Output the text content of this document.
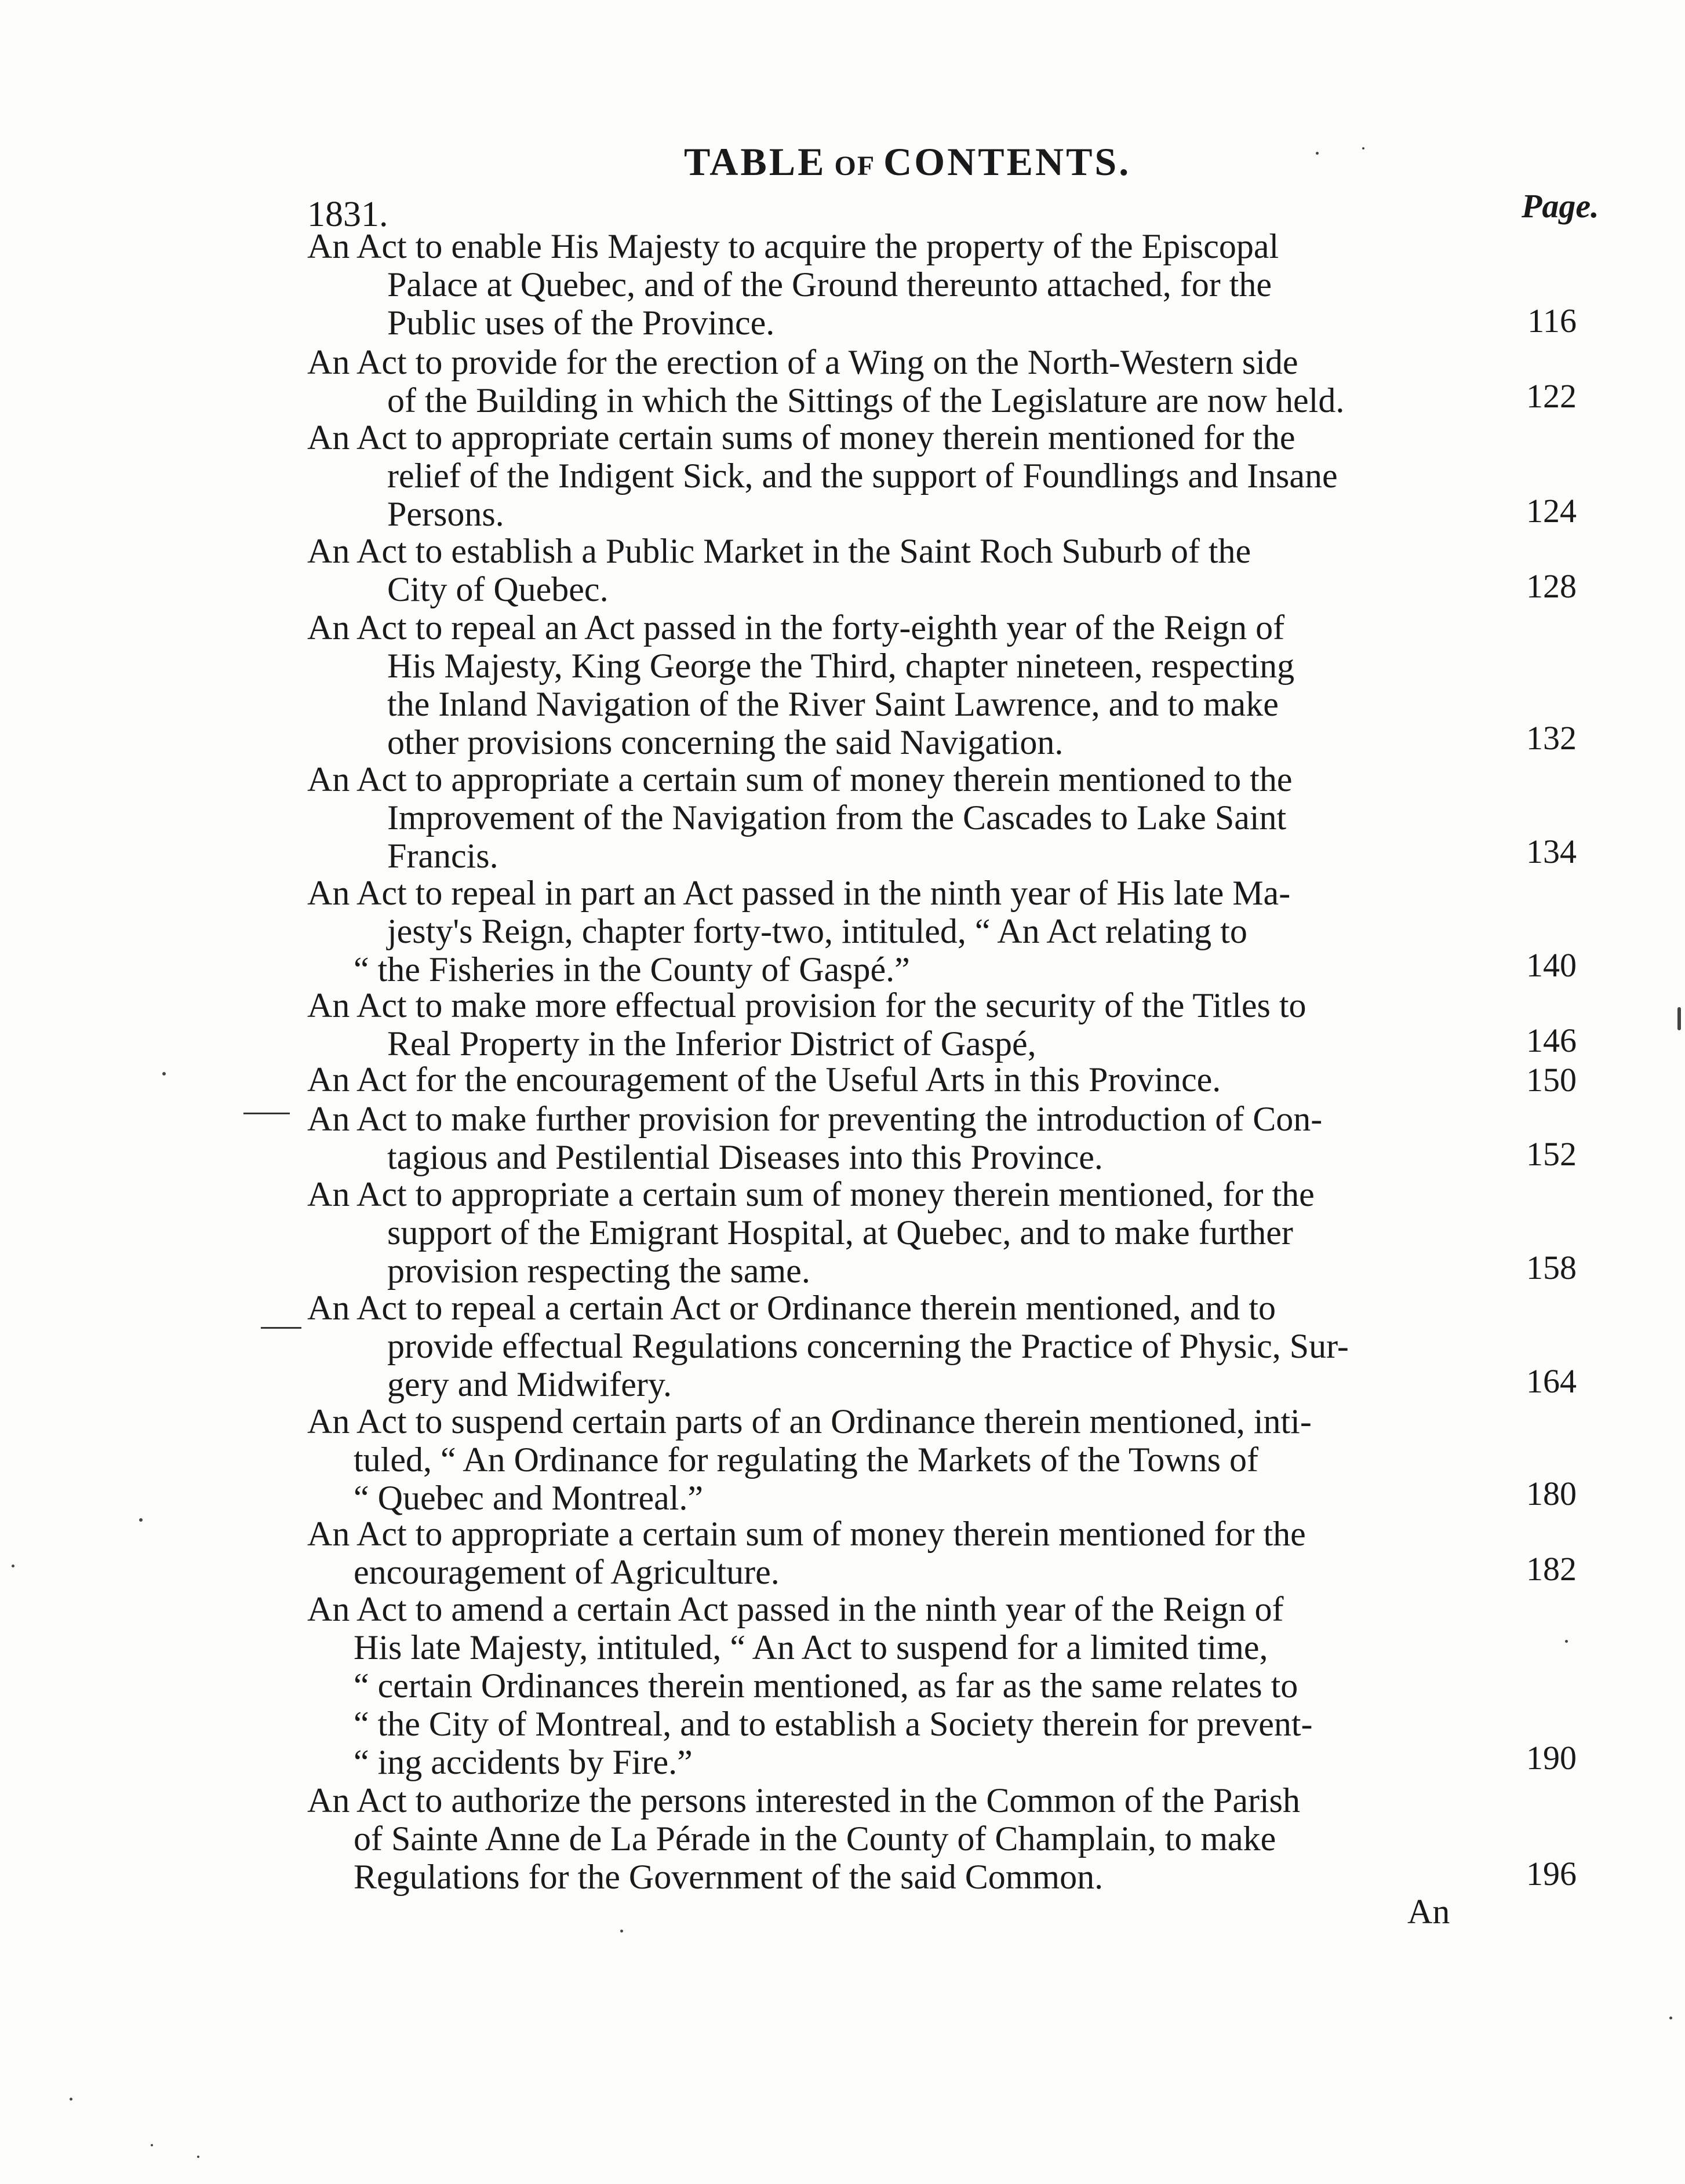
TABLE OF CONTENTS.
1831.	Page.
An Act to enable His Majesty to acquire the property of the Episcopal
Palace at Quebec, and of the Ground thereunto attached, for the
Public uses of the Province.	116
An Act to provide for the erection of a Wing on the North-Western side
of the Building in which the Sittings of the Legislature are now held.	122
An Act to appropriate certain sums of money therein mentioned for the
relief of the Indigent Sick, and the support of Foundlings and Insane
Persons.	124
An Act to establish a Public Market in the Saint Roch Suburb of the
City of Quebec.	128
An Act to repeal an Act passed in the forty-eighth year of the Reign of
His Majesty, King George the Third, chapter nineteen, respecting
the Inland Navigation of the River Saint Lawrence, and to make
other provisions concerning the said Navigation.	132
An Act to appropriate a certain sum of money therein mentioned to the
Improvement of the Navigation from the Cascades to Lake Saint
Francis.	134
An Act to repeal in part an Act passed in the ninth year of His late Ma-
jesty's Reign, chapter forty-two, intituled, “ An Act relating to
“ the Fisheries in the County of Gaspé.”	140
An Act to make more effectual provision for the security of the Titles to
Real Property in the Inferior District of Gaspé,	146
An Act for the encouragement of the Useful Arts in this Province.	150
An Act to make further provision for preventing the introduction of Con-
tagious and Pestilential Diseases into this Province.	152
An Act to appropriate a certain sum of money therein mentioned, for the
support of the Emigrant Hospital, at Quebec, and to make further
provision respecting the same.	158
An Act to repeal a certain Act or Ordinance therein mentioned, and to
provide effectual Regulations concerning the Practice of Physic, Sur-
gery and Midwifery.	164
An Act to suspend certain parts of an Ordinance therein mentioned, inti-
tuled, “ An Ordinance for regulating the Markets of the Towns of
“ Quebec and Montreal.”	180
An Act to appropriate a certain sum of money therein mentioned for the
encouragement of Agriculture.	182
An Act to amend a certain Act passed in the ninth year of the Reign of
His late Majesty, intituled, “ An Act to suspend for a limited time,
“ certain Ordinances therein mentioned, as far as the same relates to
“ the City of Montreal, and to establish a Society therein for prevent-
“ ing accidents by Fire.”	190
An Act to authorize the persons interested in the Common of the Parish
of Sainte Anne de La Pérade in the County of Champlain, to make
Regulations for the Government of the said Common.	196
An
